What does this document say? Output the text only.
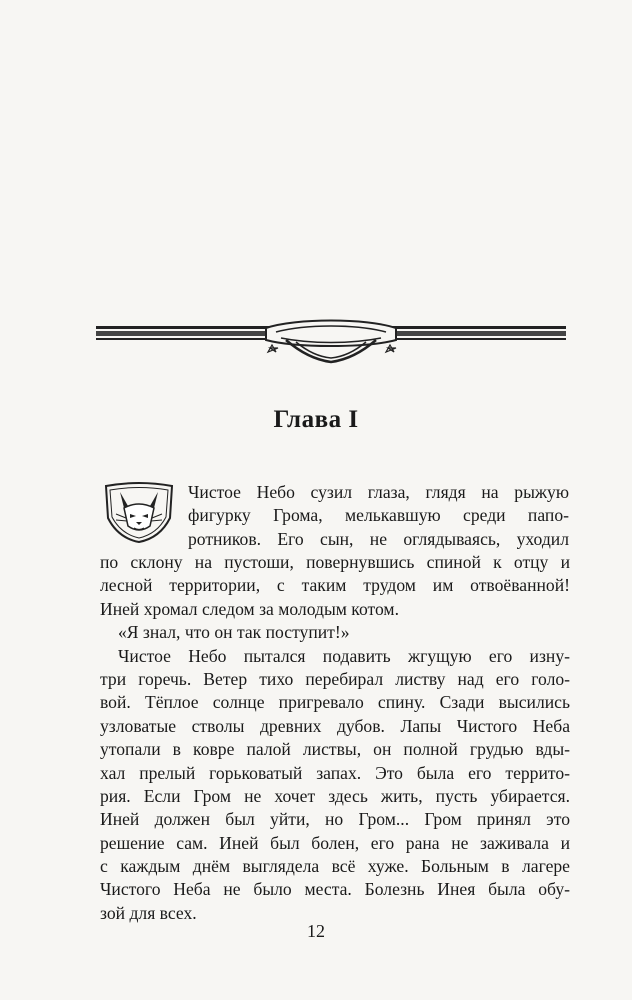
Глава I
Чистое Небо сузил глаза, глядя на рыжую
фигурку Грома, мелькавшую среди папо-
ротников. Его сын, не оглядываясь, уходил
по склону на пустоши, повернувшись спиной к отцу и
лесной территории, с таким трудом им отвоёванной!
Иней хромал следом за молодым котом.
«Я знал, что он так поступит!»
Чистое Небо пытался подавить жгущую его изну-
три горечь. Ветер тихо перебирал листву над его голо-
вой. Тёплое солнце пригревало спину. Сзади высились
узловатые стволы древних дубов. Лапы Чистого Неба
утопали в ковре палой листвы, он полной грудью вды-
хал прелый горьковатый запах. Это была его террито-
рия. Если Гром не хочет здесь жить, пусть убирается.
Иней должен был уйти, но Гром... Гром принял это
решение сам. Иней был болен, его рана не заживала и
с каждым днём выглядела всё хуже. Больным в лагере
Чистого Неба не было места. Болезнь Инея была обу-
зой для всех.
12
